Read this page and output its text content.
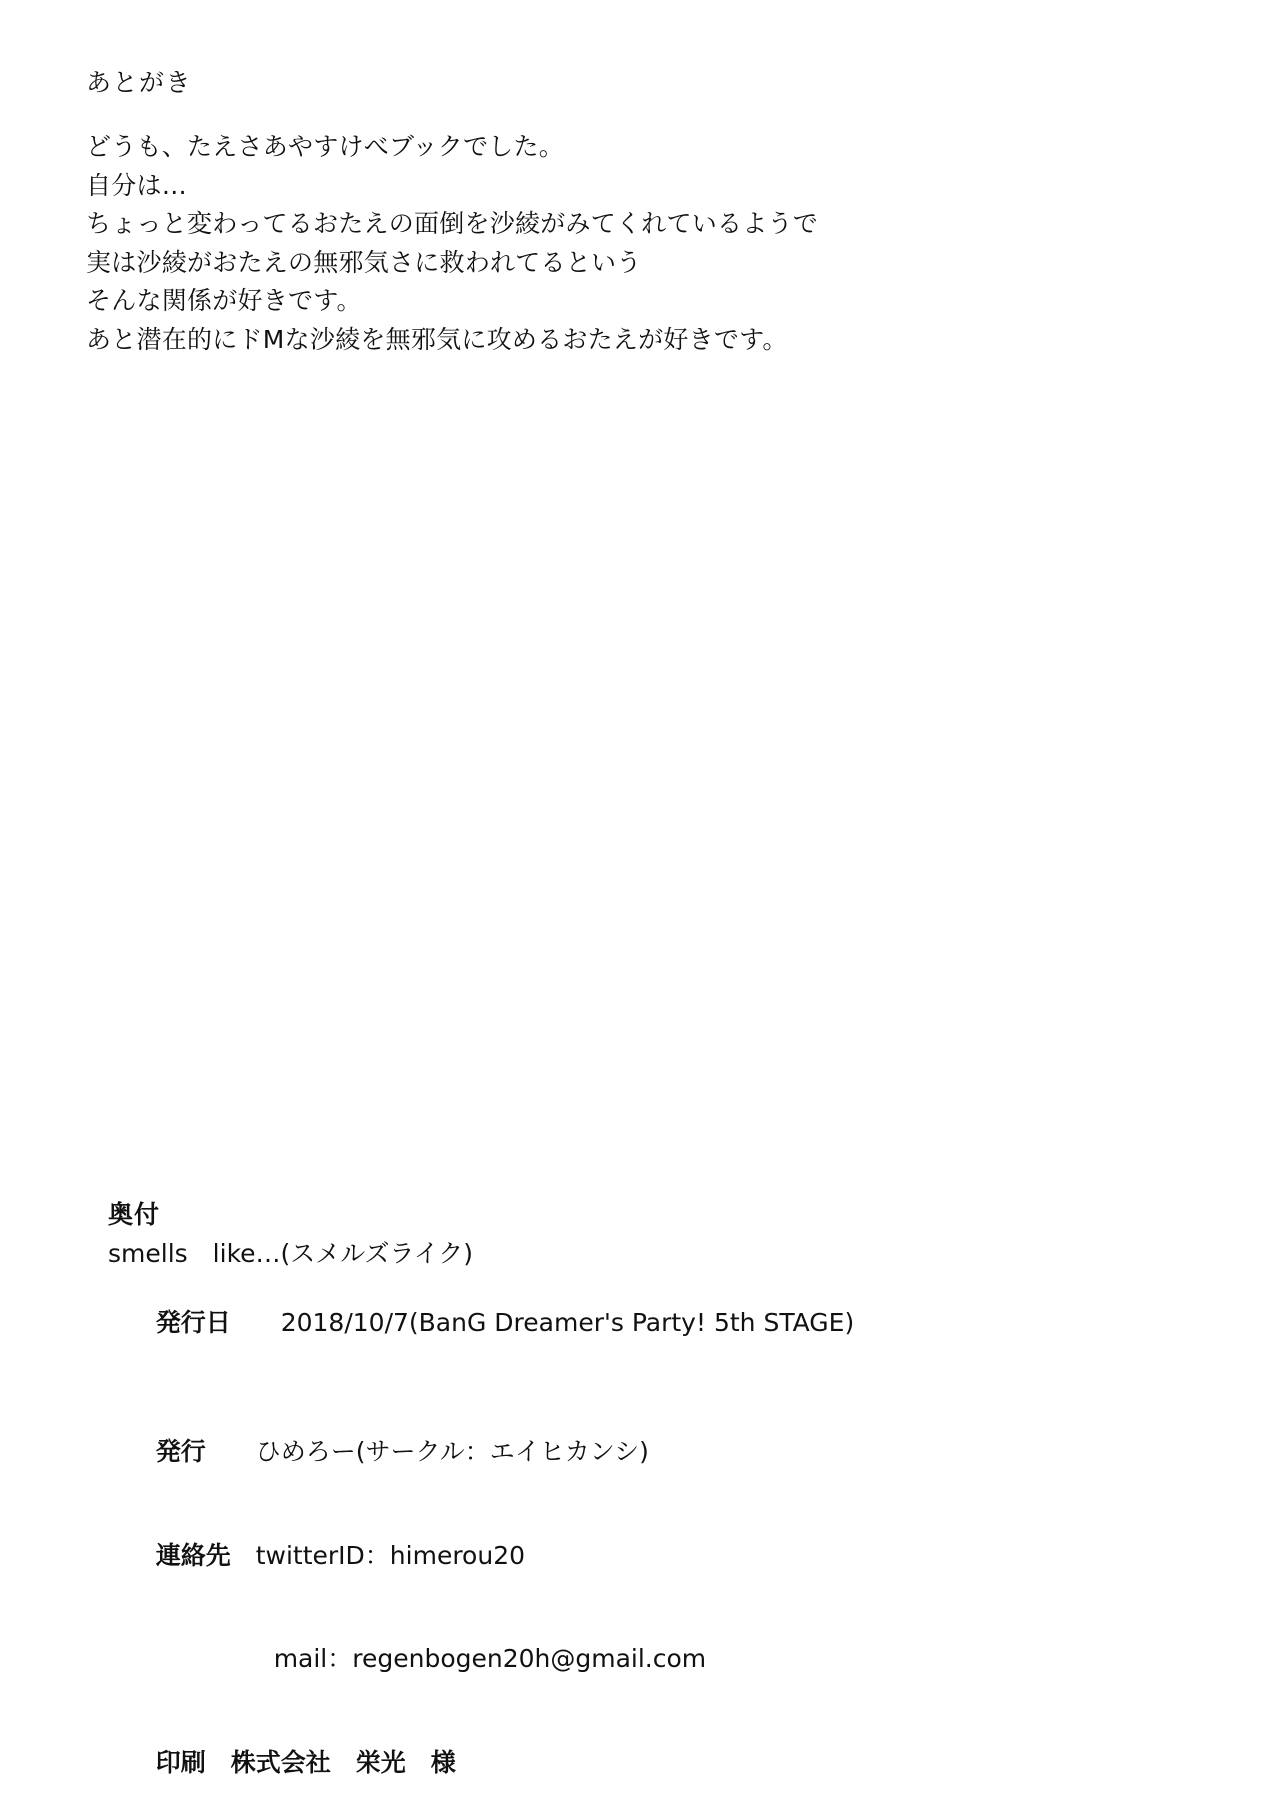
あとがき
どうも、たえさあやすけべブックでした。
自分は…
ちょっと変わってるおたえの面倒を沙綾がみてくれているようで
実は沙綾がおたえの無邪気さに救われてるという
そんな関係が好きです。
あと潜在的にドMな沙綾を無邪気に攻めるおたえが好きです。
奥付
smells　like…(スメルズライク)

発行日　　 2018/10/7(BanG Dreamer's Party! 5th STAGE)

発行　　 ひめろー(サークル：エイヒカンシ)

連絡先　 twitterID：himerou20

mail：regenbogen20h@gmail.com

印刷　 株式会社　栄光　様
